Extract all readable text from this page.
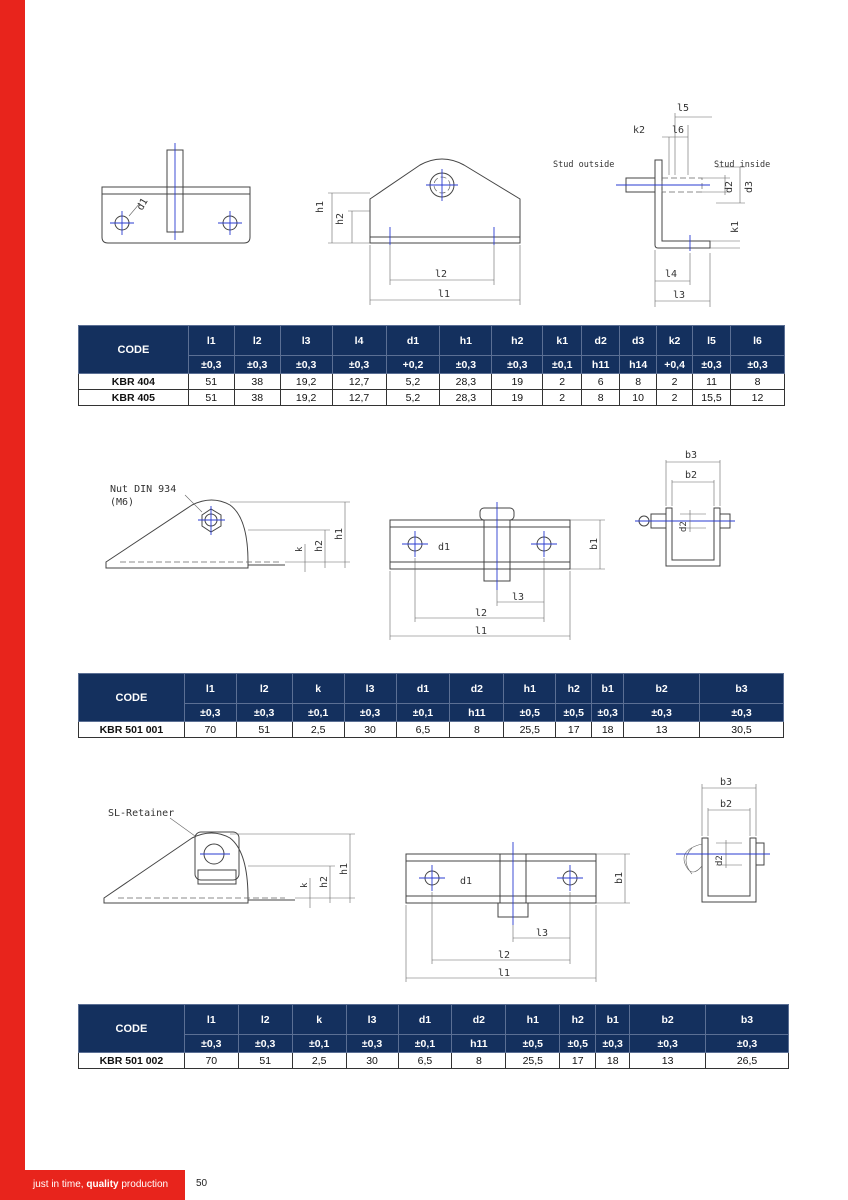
d1	h1
h2
l2
l1
l5
k2	l6
Stud outside	Stud inside
d2 d3
k1
l4
l3
CODE	l1	l2	l3	l4	d1	h1	h2	k1	d2	d3	k2	l5	l6
	±0,3	±0,3	±0,3	±0,3	+0,2	±0,3	±0,3	±0,1	h11	h14	+0,4	±0,3	±0,3
KBR 404	51	38	19,2	12,7	5,2	28,3	19	2	6	8	2	11	8
KBR 405	51	38	19,2	12,7	5,2	28,3	19	2	8	10	2	15,5	12
Nut DIN 934
(M6)
k h2
h1
d1	b1
l3
l2
l1
b3
b2
d2
CODE	l1	l2	k	l3	d1	d2	h1	h2	b1	b2	b3
	±0,3	±0,3	±0,1	±0,3	±0,1	h11	±0,5	±0,5	±0,3	±0,3	±0,3
KBR 501 001	70	51	2,5	30	6,5	8	25,5	17	18	13	30,5
SL-Retainer
k h2
h1
d1	b1
l3
l2
l1
b3
b2
d2
CODE	l1	l2	k	l3	d1	d2	h1	h2	b1	b2	b3
	±0,3	±0,3	±0,1	±0,3	±0,1	h11	±0,5	±0,5	±0,3	±0,3	±0,3
KBR 501 002	70	51	2,5	30	6,5	8	25,5	17	18	13	26,5
just in time, quality production	50
